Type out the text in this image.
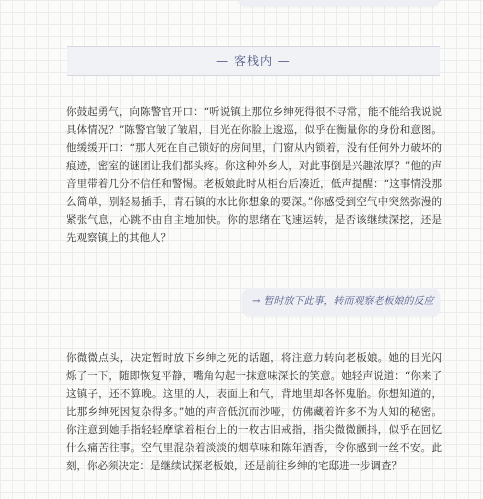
— 客栈内 —

你鼓起勇气，向陈警官开口：“听说镇上那位乡绅死得很不寻常，能不能给我说说具体情况？”陈警官皱了皱眉，目光在你脸上逡巡，似乎在衡量你的身份和意图。他缓缓开口：“那人死在自己锁好的房间里，门窗从内锁着，没有任何外力破坏的痕迹，密室的谜团让我们都头疼。你这种外乡人，对此事倒是兴趣浓厚？”他的声音里带着几分不信任和警惕。老板娘此时从柜台后凑近，低声提醒：“这事情没那么简单，别轻易插手，青石镇的水比你想象的要深。”你感受到空气中突然弥漫的紧张气息，心跳不由自主地加快。你的思绪在飞速运转，是否该继续深挖，还是先观察镇上的其他人？

→ 暂时放下此事，转而观察老板娘的反应

你微微点头，决定暂时放下乡绅之死的话题，将注意力转向老板娘。她的目光闪烁了一下，随即恢复平静，嘴角勾起一抹意味深长的笑意。她轻声说道：“你来了这镇子，还不算晚。这里的人，表面上和气，背地里却各怀鬼胎。你想知道的，比那乡绅死因复杂得多。”她的声音低沉而沙哑，仿佛藏着许多不为人知的秘密。你注意到她手指轻轻摩挲着柜台上的一枚古旧戒指，指尖微微颤抖，似乎在回忆什么痛苦往事。空气里混杂着淡淡的烟草味和陈年酒香，令你感到一丝不安。此刻，你必须决定：是继续试探老板娘，还是前往乡绅的宅邸进一步调查？
